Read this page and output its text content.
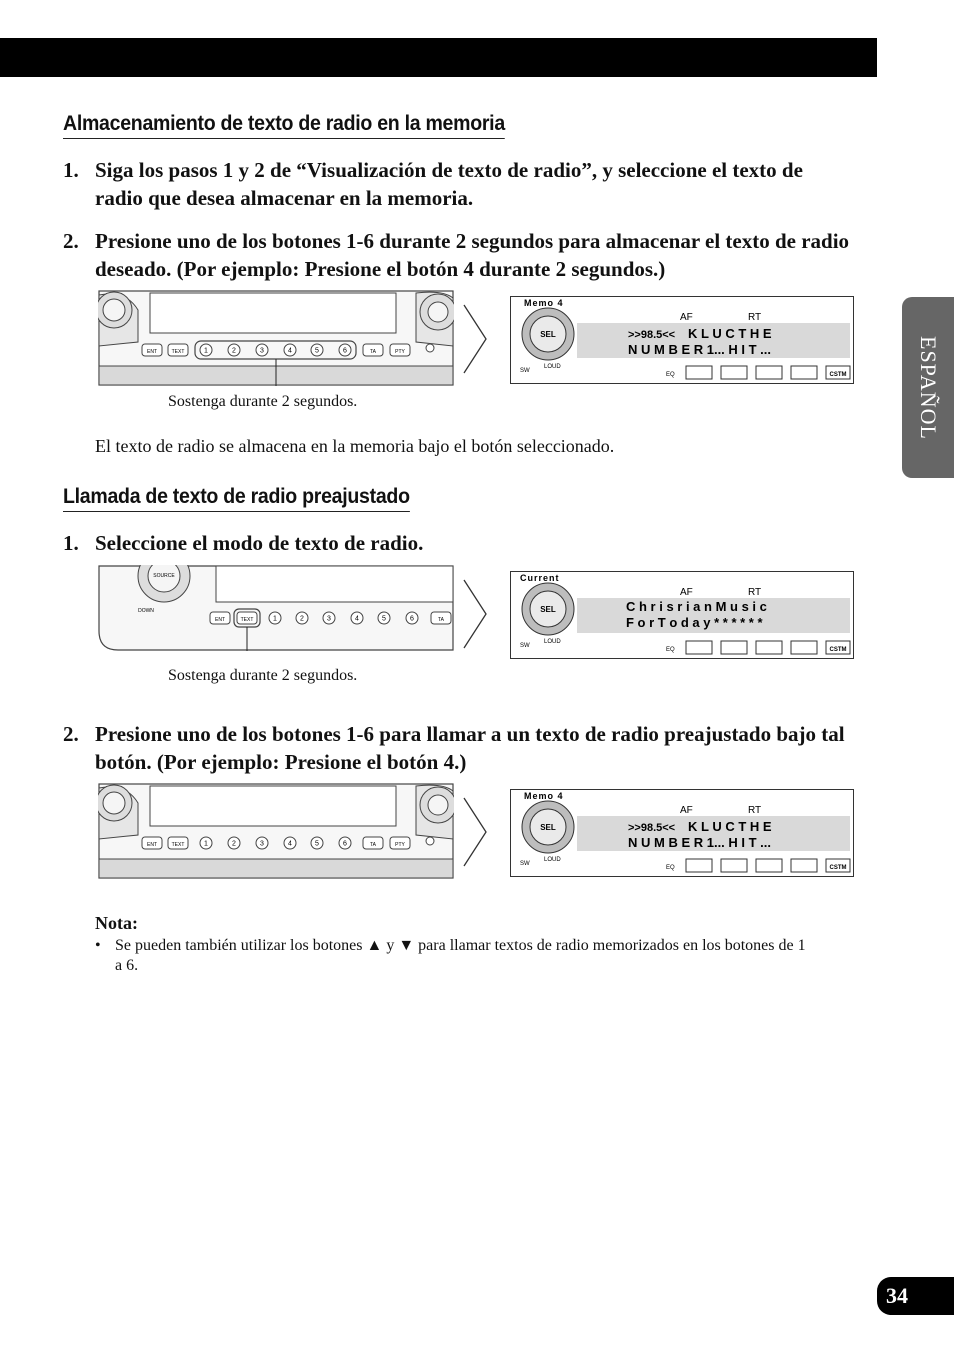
Almacenamiento de texto de radio en la memoria
1. Siga los pasos 1 y 2 de “Visualización de texto de radio”, y seleccione el texto de radio que desea almacenar en la memoria.
2. Presione uno de los botones 1-6 durante 2 segundos para almacenar el texto de radio deseado. (Por ejemplo: Presione el botón 4 durante 2 segundos.)
ENT	TEXT	1	2	3	4	5	6	TA	PTY
Sostenga durante 2 segundos.
Memo 4
AF	RT
SEL	>>98.5<< K L U C T H E
N U M B E R 1... H I T ...
SW
LOUD
EQ	CSTM
El texto de radio se almacena en la memoria bajo el botón seleccionado.
Llamada de texto de radio preajustado
1. Seleccione el modo de texto de radio.
SOURCE
DOWN
ENT	TEXT	1	2	3	4	5	6	TA
Sostenga durante 2 segundos.
Current
AF	RT
SEL	C h r i s r i a n M u s i c
F o r T o d a y * * * * * *
SW
LOUD
EQ	CSTM
2. Presione uno de los botones 1-6 para llamar a un texto de radio preajustado bajo tal botón. (Por ejemplo: Presione el botón 4.)
ENT	TEXT	1	2	3	4	5	6	TA	PTY
Memo 4
AF	RT
SEL	>>98.5<< K L U C T H E
N U M B E R 1... H I T ...
SW
LOUD
EQ	CSTM
Nota:
• Se pueden también utilizar los botones ▲ y ▼ para llamar textos de radio memorizados en los botones de 1 a 6.
ESPAÑOL
34
